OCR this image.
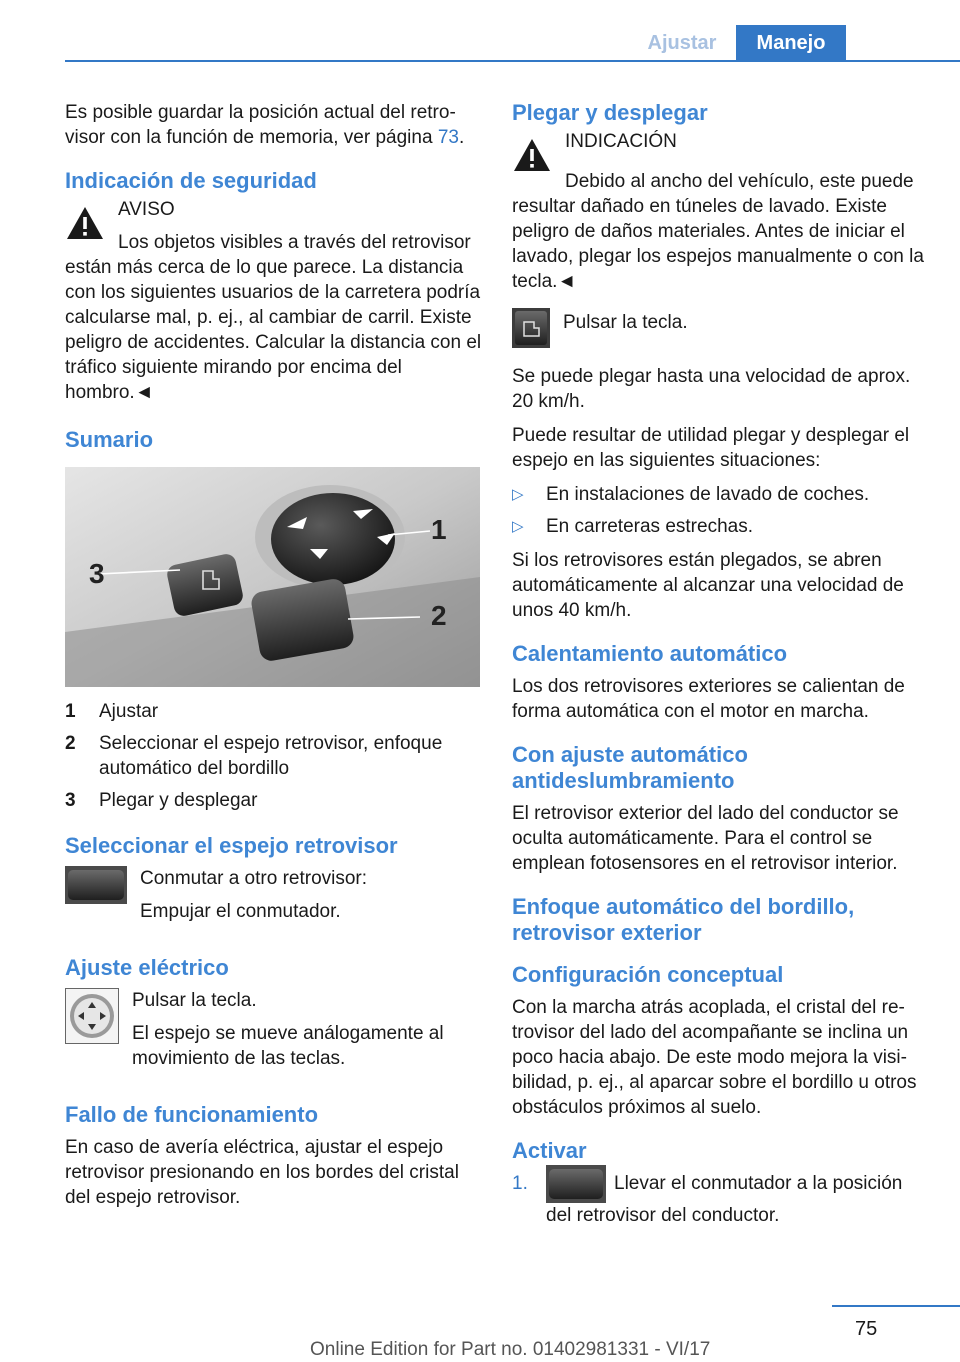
Ajustar	Manejo

Es posible guardar la posición actual del retrovisor con la función de memoria, ver página 73.

Indicación de seguridad
AVISO

Los objetos visibles a través del retrovisor están más cerca de lo que parece. La distancia con los siguientes usuarios de la carretera podría calcularse mal, p. ej., al cambiar de carril. Existe peligro de accidentes. Calcular la distancia con el tráfico siguiente mirando por encima del hombro.◄

Sumario
3
1
2
1	Ajustar
2	Seleccionar el espejo retrovisor, enfoque automático del bordillo
3	Plegar y desplegar
Seleccionar el espejo retrovisor

Conmutar a otro retrovisor:

Empujar el conmutador.

Ajuste eléctrico

Pulsar la tecla.

El espejo se mueve análogamente al movimiento de las teclas.

Fallo de funcionamiento

En caso de avería eléctrica, ajustar el espejo retrovisor presionando en los bordes del cristal del espejo retrovisor.

Plegar y desplegar
INDICACIÓN

Debido al ancho del vehículo, este puede resultar dañado en túneles de lavado. Existe peligro de daños materiales. Antes de iniciar el lavado, plegar los espejos manualmente o con la tecla.◄

Pulsar la tecla.

Se puede plegar hasta una velocidad de aprox. 20 km/h.

Puede resultar de utilidad plegar y desplegar el espejo en las siguientes situaciones:

▷	En instalaciones de lavado de coches.
▷	En carreteras estrechas.

Si los retrovisores están plegados, se abren automáticamente al alcanzar una velocidad de unos 40 km/h.

Calentamiento automático

Los dos retrovisores exteriores se calientan de forma automática con el motor en marcha.

Con ajuste automático antideslumbramiento

El retrovisor exterior del lado del conductor se oculta automáticamente. Para el control se emplean fotosensores en el retrovisor interior.

Enfoque automático del bordillo, retrovisor exterior
Configuración conceptual

Con la marcha atrás acoplada, el cristal del retrovisor del lado del acompañante se inclina un poco hacia abajo. De este modo mejora la visibilidad, p. ej., al aparcar sobre el bordillo u otros obstáculos próximos al suelo.

Activar
1.	Llevar el conmutador a la posición del retrovisor del conductor.
75
Online Edition for Part no. 01402981331 - VI/17
